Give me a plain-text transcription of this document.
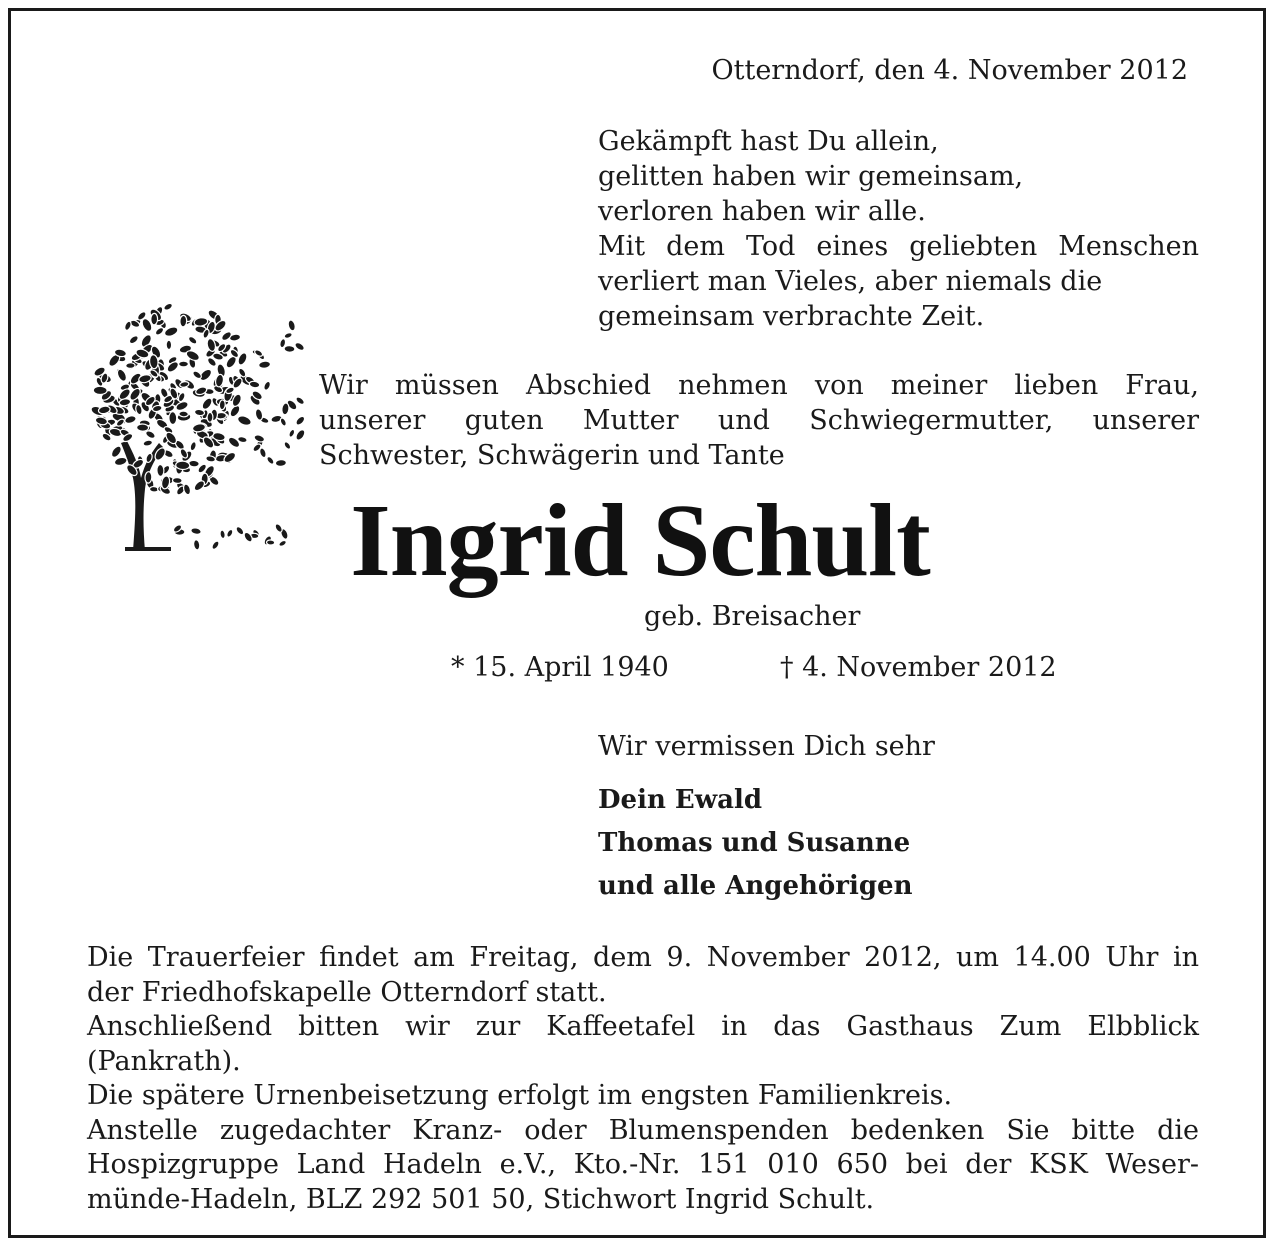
Otterndorf, den 4. November 2012
Gekämpft hast Du allein,
gelitten haben wir gemeinsam,
verloren haben wir alle.
Mit dem Tod eines geliebten Menschen
verliert man Vieles, aber niemals die
gemeinsam verbrachte Zeit.
Wir müssen Abschied nehmen von meiner lieben Frau,
unserer guten Mutter und Schwiegermutter, unserer
Schwester, Schwägerin und Tante
Ingrid Schult
geb. Breisacher
* 15. April 1940	† 4. November 2012
Wir vermissen Dich sehr
Dein Ewald
Thomas und Susanne
und alle Angehörigen
Die Trauerfeier findet am Freitag, dem 9. November 2012, um 14.00 Uhr in
der Friedhofskapelle Otterndorf statt.
Anschließend bitten wir zur Kaffeetafel in das Gasthaus Zum Elbblick
(Pankrath).
Die spätere Urnenbeisetzung erfolgt im engsten Familienkreis.
Anstelle zugedachter Kranz- oder Blumenspenden bedenken Sie bitte die
Hospizgruppe Land Hadeln e.V., Kto.-Nr. 151 010 650 bei der KSK Weser-
münde-Hadeln, BLZ 292 501 50, Stichwort Ingrid Schult.
